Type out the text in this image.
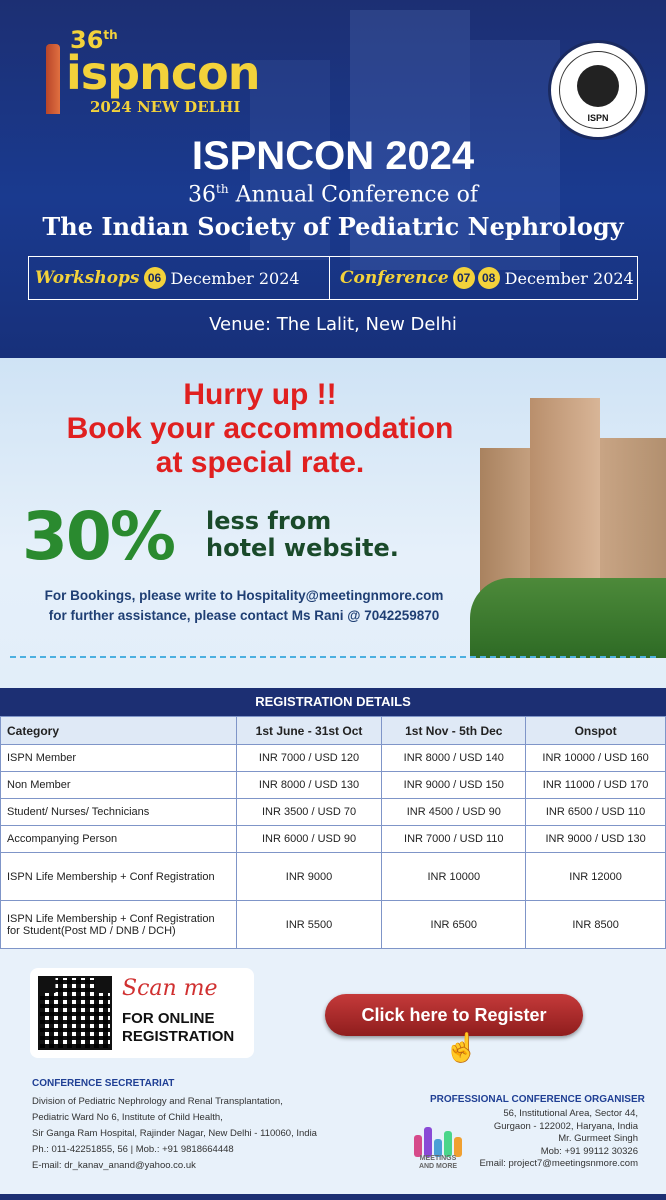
36th
ispncon
2024 NEW DELHI
ISPN
ISPNCON 2024
36th Annual Conference of
The Indian Society of Pediatric Nephrology
Workshops 06 December 2024 Conference 07 08 December 2024
Venue: The Lalit, New Delhi
Hurry up !!
Book your accommodation
at special rate.
30% less from
hotel website.
For Bookings, please write to Hospitality@meetingnmore.com
for further assistance, please contact Ms Rani @ 7042259870
REGISTRATION DETAILS
Category	1st June - 31st Oct	1st Nov - 5th Dec	Onspot
ISPN Member	INR 7000 / USD 120	INR 8000 / USD 140	INR 10000 / USD 160
Non Member	INR 8000 / USD 130	INR 9000 / USD 150	INR 11000 / USD 170
Student/ Nurses/ Technicians	INR 3500 / USD 70	INR 4500 / USD 90	INR 6500 / USD 110
Accompanying Person	INR 6000 / USD 90	INR 7000 / USD 110	INR 9000 / USD 130
ISPN Life Membership + Conf Registration	INR 9000	INR 10000	INR 12000
ISPN Life Membership + Conf Registration for Student(Post MD / DNB / DCH)	INR 5500	INR 6500	INR 8500
Scan me
FOR ONLINE
REGISTRATION
Click here to Register
☝
CONFERENCE SECRETARIAT
Division of Pediatric Nephrology and Renal Transplantation,
Pediatric Ward No 6, Institute of Child Health,
Sir Ganga Ram Hospital, Rajinder Nagar, New Delhi - 110060, India
Ph.: 011-42251855, 56 | Mob.: +91 9818664448
E-mail: dr_kanav_anand@yahoo.co.uk
PROFESSIONAL CONFERENCE ORGANISER
MEETINGS
AND MORE
56, Institutional Area, Sector 44,
Gurgaon - 122002, Haryana, India
Mr. Gurmeet Singh
Mob: +91 99112 30326
Email: project7@meetingsnmore.com
